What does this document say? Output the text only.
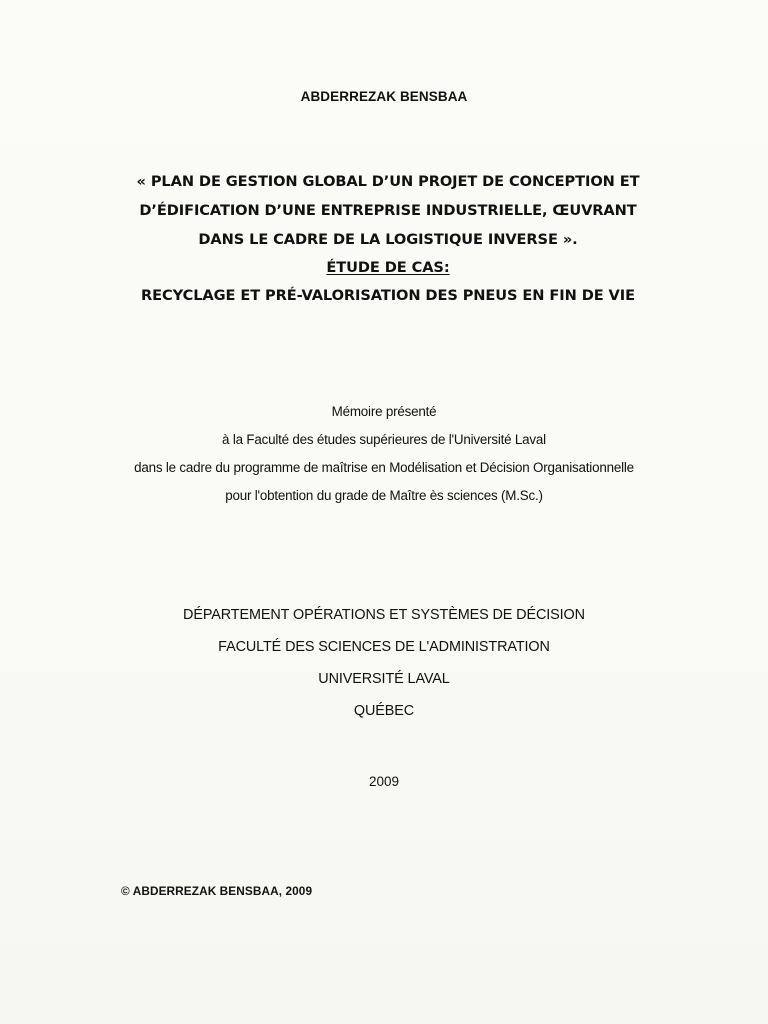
ABDERREZAK BENSBAA
« PLAN DE GESTION GLOBAL D’UN PROJET DE CONCEPTION ET
D’ÉDIFICATION D’UNE ENTREPRISE INDUSTRIELLE, ŒUVRANT
DANS LE CADRE DE LA LOGISTIQUE INVERSE ».
ÉTUDE DE CAS:
RECYCLAGE ET PRÉ-VALORISATION DES PNEUS EN FIN DE VIE
Mémoire présenté
à la Faculté des études supérieures de l'Université Laval
dans le cadre du programme de maîtrise en Modélisation et Décision Organisationnelle
pour l'obtention du grade de Maître ès sciences (M.Sc.)
DÉPARTEMENT OPÉRATIONS ET SYSTÈMES DE DÉCISION
FACULTÉ DES SCIENCES DE L'ADMINISTRATION
UNIVERSITÉ LAVAL
QUÉBEC
2009
© ABDERREZAK BENSBAA, 2009
